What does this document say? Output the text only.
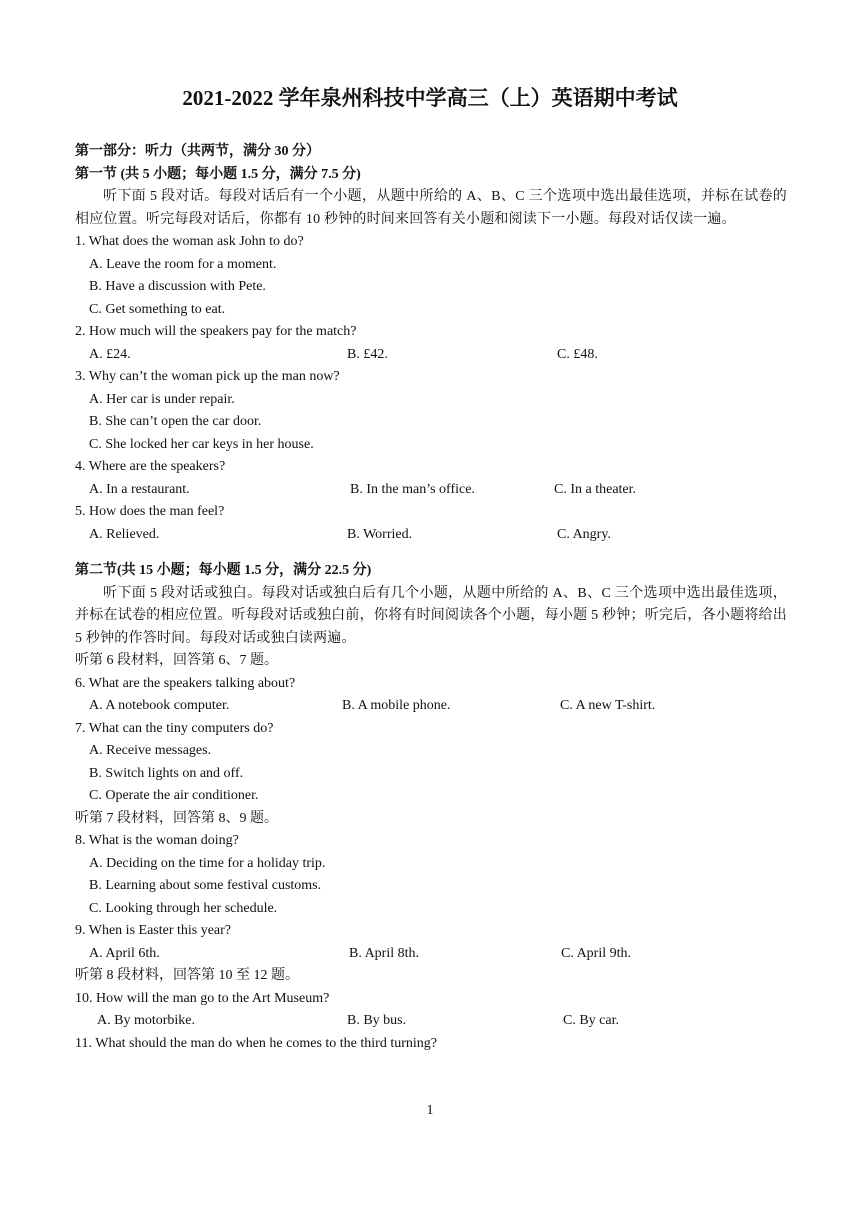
2021-2022 学年泉州科技中学高三（上）英语期中考试
第一部分：听力（共两节，满分 30 分）
第一节 (共 5 小题；每小题 1.5 分，满分 7.5 分)
听下面 5 段对话。每段对话后有一个小题，从题中所给的 A、B、C 三个选项中选出最佳选项，并标在试卷的相应位置。听完每段对话后，你都有 10 秒钟的时间来回答有关小题和阅读下一小题。每段对话仅读一遍。
1. What does the woman ask John to do?
A. Leave the room for a moment.
B. Have a discussion with Pete.
C. Get something to eat.
2. How much will the speakers pay for the match?
A. £24.	B. £42.	C. £48.
3. Why can’t the woman pick up the man now?
A. Her car is under repair.
B. She can’t open the car door.
C. She locked her car keys in her house.
4. Where are the speakers?
A. In a restaurant.	B. In the man’s office.	C. In a theater.
5. How does the man feel?
A. Relieved.	B. Worried.	C. Angry.
第二节(共 15 小题；每小题 1.5 分，满分 22.5 分)
听下面 5 段对话或独白。每段对话或独白后有几个小题，从题中所给的 A、B、C 三个选项中选出最佳选项，并标在试卷的相应位置。听每段对话或独白前，你将有时间阅读各个小题，每小题 5 秒钟；听完后，各小题将给出 5 秒钟的作答时间。每段对话或独白读两遍。
听第 6 段材料，回答第 6、7 题。
6. What are the speakers talking about?
A. A notebook computer.	B. A mobile phone.	C. A new T-shirt.
7. What can the tiny computers do?
A. Receive messages.
B. Switch lights on and off.
C. Operate the air conditioner.
听第 7 段材料，回答第 8、9 题。
8. What is the woman doing?
A. Deciding on the time for a holiday trip.
B. Learning about some festival customs.
C. Looking through her schedule.
9. When is Easter this year?
A. April 6th.	B. April 8th.	C. April 9th.
听第 8 段材料，回答第 10 至 12 题。
10. How will the man go to the Art Museum?
A. By motorbike.	B. By bus.	C. By car.
11. What should the man do when he comes to the third turning?
1
